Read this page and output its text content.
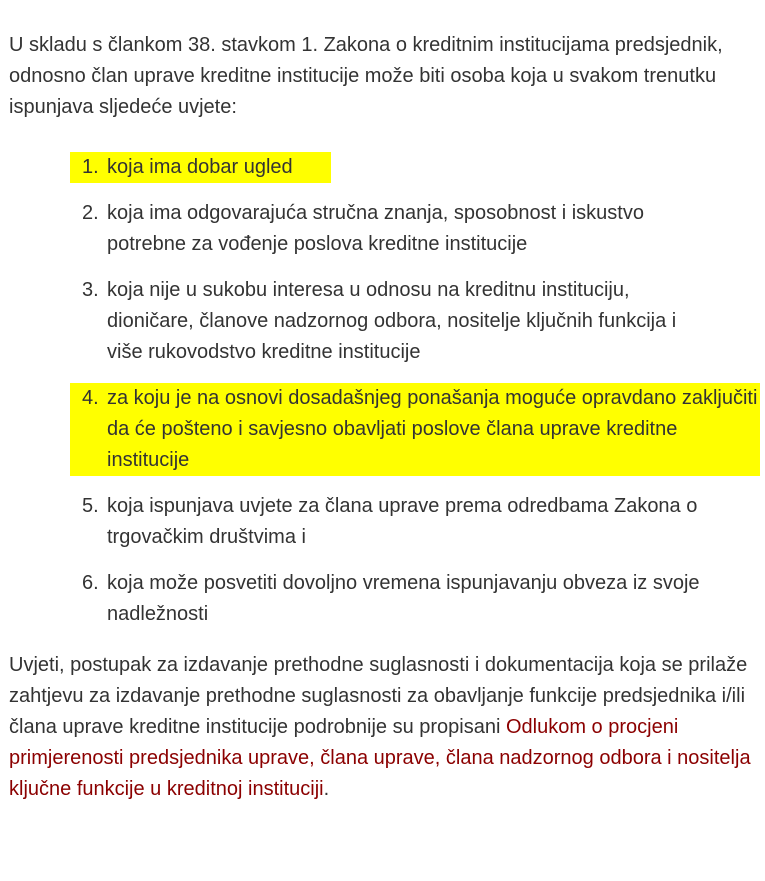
U skladu s člankom 38. stavkom 1. Zakona o kreditnim institucijama predsjednik, odnosno član uprave kreditne institucije može biti osoba koja u svakom trenutku ispunjava sljedeće uvjete:

1. koja ima dobar ugled
2. koja ima odgovarajuća stručna znanja, sposobnost i iskustvo potrebne za vođenje poslova kreditne institucije
3. koja nije u sukobu interesa u odnosu na kreditnu instituciju, dioničare, članove nadzornog odbora, nositelje ključnih funkcija i više rukovodstvo kreditne institucije
4. za koju je na osnovi dosadašnjeg ponašanja moguće opravdano zaključiti da će pošteno i savjesno obavljati poslove člana uprave kreditne institucije
5. koja ispunjava uvjete za člana uprave prema odredbama Zakona o trgovačkim društvima i
6. koja može posvetiti dovoljno vremena ispunjavanju obveza iz svoje nadležnosti

Uvjeti, postupak za izdavanje prethodne suglasnosti i dokumentacija koja se prilaže zahtjevu za izdavanje prethodne suglasnosti za obavljanje funkcije predsjednika i/ili člana uprave kreditne institucije podrobnije su propisani Odlukom o procjeni primjerenosti predsjednika uprave, člana uprave, člana nadzornog odbora i nositelja ključne funkcije u kreditnoj instituciji.
